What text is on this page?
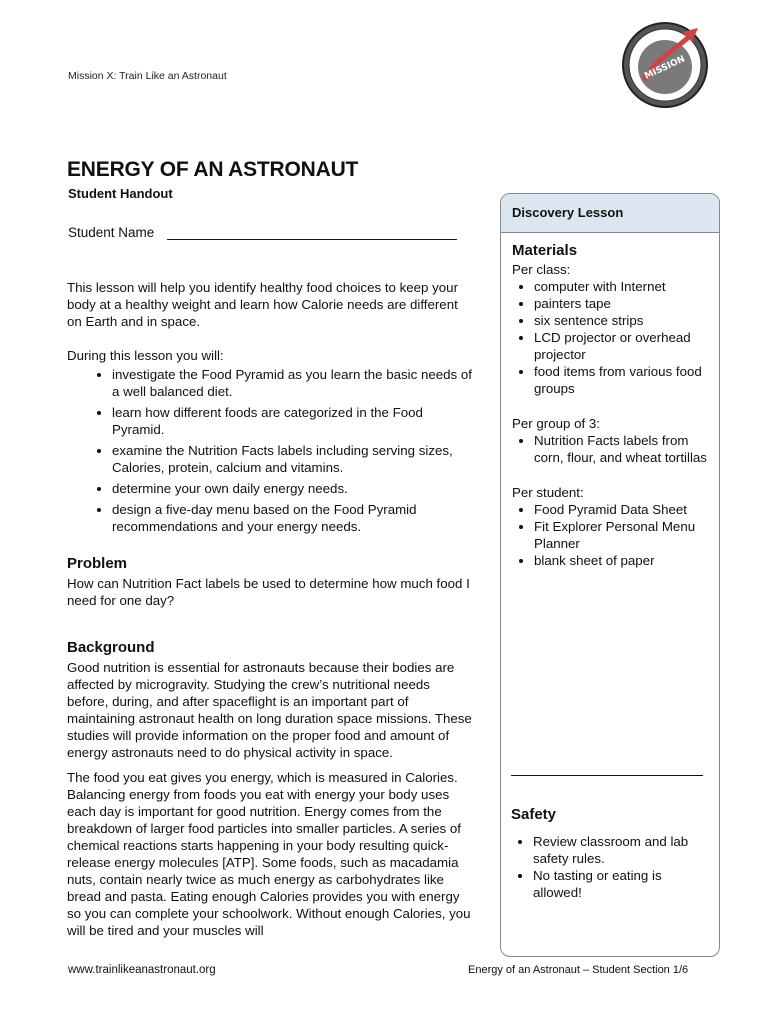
Mission X: Train Like an Astronaut	MISSION
ENERGY OF AN ASTRONAUT
Student Handout
Student Name

This lesson will help you identify healthy food choices to keep your body at a healthy weight and learn how Calorie needs are different on Earth and in space.

During this lesson you will:

• investigate the Food Pyramid as you learn the basic needs of a well balanced diet.
• learn how different foods are categorized in the Food Pyramid.
• examine the Nutrition Facts labels including serving sizes, Calories, protein, calcium and vitamins.
• determine your own daily energy needs.
• design a five-day menu based on the Food Pyramid recommendations and your energy needs.
Problem

How can Nutrition Fact labels be used to determine how much food I need for one day?

Background

Good nutrition is essential for astronauts because their bodies are affected by microgravity. Studying the crew’s nutritional needs before, during, and after spaceflight is an important part of maintaining astronaut health on long duration space missions. These studies will provide information on the proper food and amount of energy astronauts need to do physical activity in space.

The food you eat gives you energy, which is measured in Calories. Balancing energy from foods you eat with energy your body uses each day is important for good nutrition. Energy comes from the breakdown of larger food particles into smaller particles. A series of chemical reactions starts happening in your body resulting quick-release energy molecules [ATP]. Some foods, such as macadamia nuts, contain nearly twice as much energy as carbohydrates like bread and pasta. Eating enough Calories provides you with energy so you can complete your schoolwork. Without enough Calories, you will be tired and your muscles will

Discovery Lesson
Materials

Per class:

• computer with Internet
• painters tape
• six sentence strips
• LCD projector or overhead projector
• food items from various food groups

Per group of 3:

• Nutrition Facts labels from corn, flour, and wheat tortillas

Per student:

• Food Pyramid Data Sheet
• Fit Explorer Personal Menu Planner
• blank sheet of paper
Safety
• Review classroom and lab safety rules.
• No tasting or eating is allowed!
www.trainlikeanastronaut.org	Energy of an Astronaut – Student Section 1/6
